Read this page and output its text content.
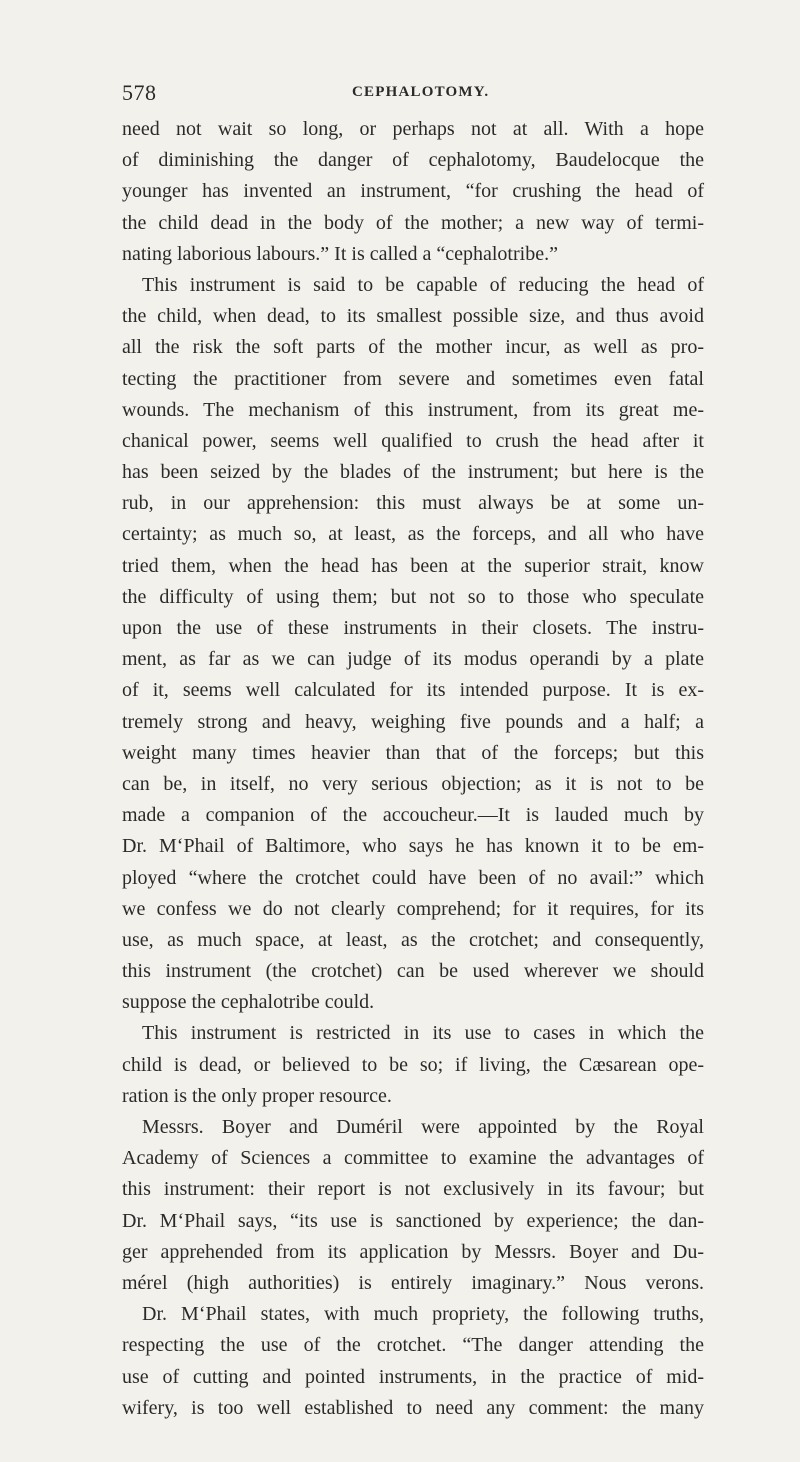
578	CEPHALOTOMY.
need not wait so long, or perhaps not at all. With a hope
of diminishing the danger of cephalotomy, Baudelocque the
younger has invented an instrument, “for crushing the head of
the child dead in the body of the mother; a new way of termi-
nating laborious labours.” It is called a “cephalotribe.”
This instrument is said to be capable of reducing the head of
the child, when dead, to its smallest possible size, and thus avoid
all the risk the soft parts of the mother incur, as well as pro-
tecting the practitioner from severe and sometimes even fatal
wounds. The mechanism of this instrument, from its great me-
chanical power, seems well qualified to crush the head after it
has been seized by the blades of the instrument; but here is the
rub, in our apprehension: this must always be at some un-
certainty; as much so, at least, as the forceps, and all who have
tried them, when the head has been at the superior strait, know
the difficulty of using them; but not so to those who speculate
upon the use of these instruments in their closets. The instru-
ment, as far as we can judge of its modus operandi by a plate
of it, seems well calculated for its intended purpose. It is ex-
tremely strong and heavy, weighing five pounds and a half; a
weight many times heavier than that of the forceps; but this
can be, in itself, no very serious objection; as it is not to be
made a companion of the accoucheur.—It is lauded much by
Dr. M‘Phail of Baltimore, who says he has known it to be em-
ployed “where the crotchet could have been of no avail:” which
we confess we do not clearly comprehend; for it requires, for its
use, as much space, at least, as the crotchet; and consequently,
this instrument (the crotchet) can be used wherever we should
suppose the cephalotribe could.
This instrument is restricted in its use to cases in which the
child is dead, or believed to be so; if living, the Cæsarean ope-
ration is the only proper resource.
Messrs. Boyer and Duméril were appointed by the Royal
Academy of Sciences a committee to examine the advantages of
this instrument: their report is not exclusively in its favour; but
Dr. M‘Phail says, “its use is sanctioned by experience; the dan-
ger apprehended from its application by Messrs. Boyer and Du-
mérel (high authorities) is entirely imaginary.” Nous verons.
Dr. M‘Phail states, with much propriety, the following truths,
respecting the use of the crotchet. “The danger attending the
use of cutting and pointed instruments, in the practice of mid-
wifery, is too well established to need any comment: the many
